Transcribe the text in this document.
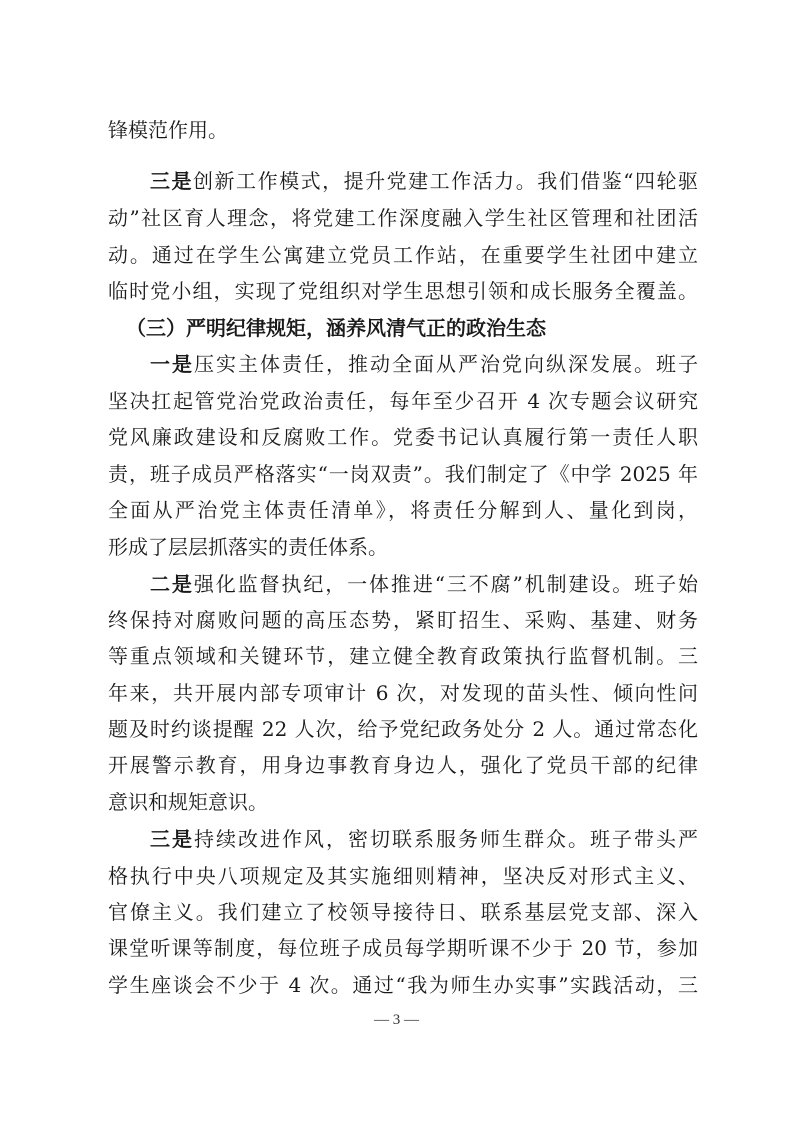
锋模范作用。
三是创新工作模式，提升党建工作活力。我们借鉴“四轮驱
动”社区育人理念，将党建工作深度融入学生社区管理和社团活
动。通过在学生公寓建立党员工作站，在重要学生社团中建立
临时党小组，实现了党组织对学生思想引领和成长服务全覆盖。
（三）严明纪律规矩，涵养风清气正的政治生态
一是压实主体责任，推动全面从严治党向纵深发展。班子
坚决扛起管党治党政治责任，每年至少召开 4 次专题会议研究
党风廉政建设和反腐败工作。党委书记认真履行第一责任人职
责，班子成员严格落实“一岗双责”。我们制定了《中学 2025 年
全面从严治党主体责任清单》，将责任分解到人、量化到岗，
形成了层层抓落实的责任体系。
二是强化监督执纪，一体推进“三不腐”机制建设。班子始
终保持对腐败问题的高压态势，紧盯招生、采购、基建、财务
等重点领域和关键环节，建立健全教育政策执行监督机制。三
年来，共开展内部专项审计 6 次，对发现的苗头性、倾向性问
题及时约谈提醒 22 人次，给予党纪政务处分 2 人。通过常态化
开展警示教育，用身边事教育身边人，强化了党员干部的纪律
意识和规矩意识。
三是持续改进作风，密切联系服务师生群众。班子带头严
格执行中央八项规定及其实施细则精神，坚决反对形式主义、
官僚主义。我们建立了校领导接待日、联系基层党支部、深入
课堂听课等制度，每位班子成员每学期听课不少于 20 节，参加
学生座谈会不少于 4 次。通过“我为师生办实事”实践活动，三
— 3 —
